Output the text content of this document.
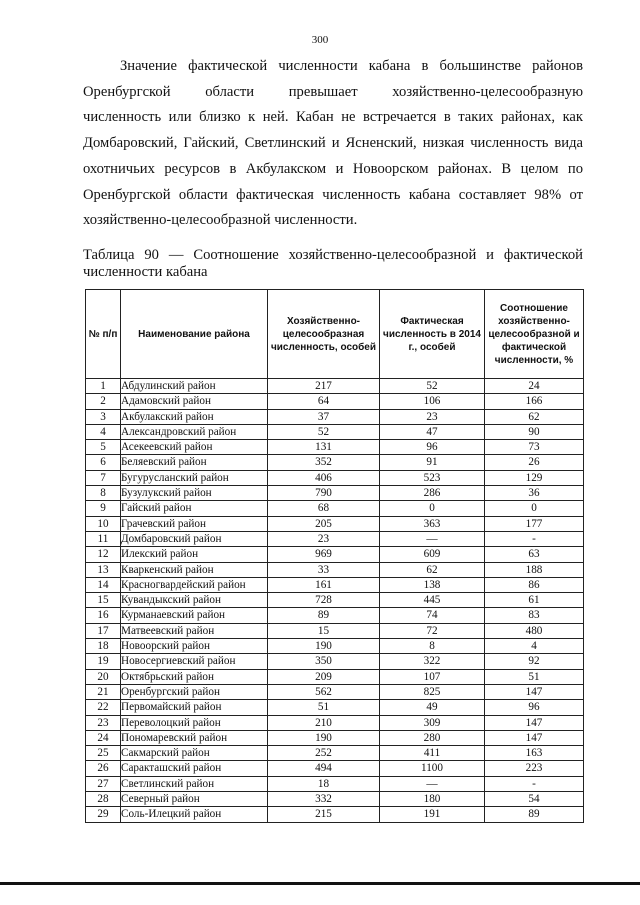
300
Значение фактической численности кабана в большинстве районов
Оренбургской области превышает хозяйственно-целесообразную
численность или близко к ней. Кабан не встречается в таких районах, как
Домбаровский, Гайский, Светлинский и Ясненский, низкая численность вида
охотничьих ресурсов в Акбулакском и Новоорском районах. В целом по
Оренбургской области фактическая численность кабана составляет 98% от
хозяйственно-целесообразной численности.
Таблица 90 — Соотношение хозяйственно-целесообразной и фактической
численности кабана
№ п/п	Наименование района	Хозяйственно-целесообразная численность, особей	Фактическая численность в 2014 г., особей	Соотношение хозяйственно-целесообразной и фактической численности, %
1	Абдулинский район	217	52	24
2	Адамовский район	64	106	166
3	Акбулакский район	37	23	62
4	Александровский район	52	47	90
5	Асекеевский район	131	96	73
6	Беляевский район	352	91	26
7	Бугурусланский район	406	523	129
8	Бузулукский район	790	286	36
9	Гайский район	68	0	0
10	Грачевский район	205	363	177
11	Домбаровский район	23	—	-
12	Илекский район	969	609	63
13	Кваркенский район	33	62	188
14	Красногвардейский район	161	138	86
15	Кувандыкский район	728	445	61
16	Курманаевский район	89	74	83
17	Матвеевский район	15	72	480
18	Новоорский район	190	8	4
19	Новосергиевский район	350	322	92
20	Октябрьский район	209	107	51
21	Оренбургский район	562	825	147
22	Первомайский район	51	49	96
23	Переволоцкий район	210	309	147
24	Пономаревский район	190	280	147
25	Сакмарский район	252	411	163
26	Саракташский район	494	1100	223
27	Светлинский район	18	—	-
28	Северный район	332	180	54
29	Соль-Илецкий район	215	191	89
